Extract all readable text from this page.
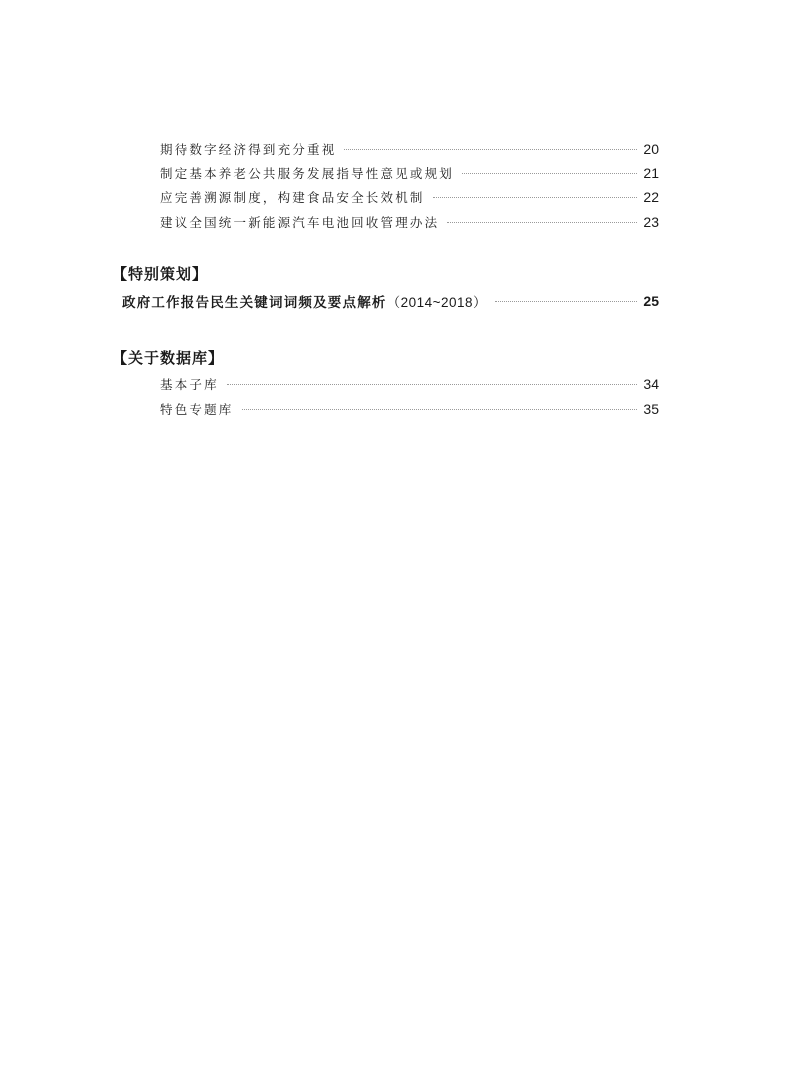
期待数字经济得到充分重视	20
制定基本养老公共服务发展指导性意见或规划	21
应完善溯源制度，构建食品安全长效机制	22
建议全国统一新能源汽车电池回收管理办法	23
【特别策划】
政府工作报告民生关键词词频及要点解析（2014~2018）	25
【关于数据库】
基本子库	34
特色专题库	35
